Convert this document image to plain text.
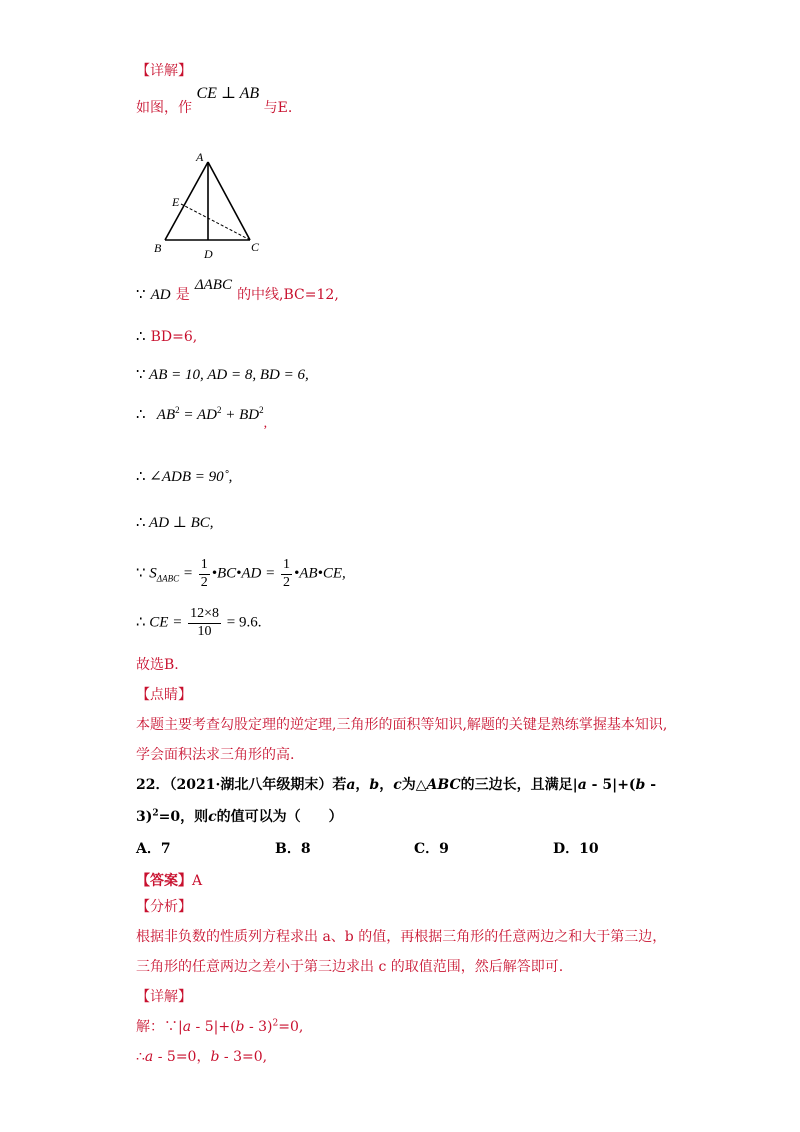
【详解】
如图，作 CE ⊥ AB 与E.
A
E
B	D	C
∵ AD 是 ΔABC 的中线,BC=12,
∴ BD=6,
∵ AB = 10, AD = 8, BD = 6,
∴ $AB^2 = AD^2 + BD^2$,
∴ ∠ADB = 90˚,
∴ AD ⊥ BC,
∵ $S_{\Delta ABC} = \frac{1}{2}$ •BC•AD = $\frac{1}{2}$ •AB•CE,
∴ CE = $\frac{12\times 8}{10} = 9.6$.
故选B.
【点睛】
本题主要考查勾股定理的逆定理,三角形的面积等知识,解题的关键是熟练掌握基本知识,
学会面积法求三角形的高.
22．（2021·湖北八年级期末）若a，b，c为△ABC的三边长，且满足|a - 5|+(b -
3)$^2$=0，则c的值可以为（　　）
A．7	B．8	C．9	D．10
【答案】A
【分析】
根据非负数的性质列方程求出 a、b 的值，再根据三角形的任意两边之和大于第三边，
三角形的任意两边之差小于第三边求出 c 的取值范围，然后解答即可.
【详解】
解：∵|a - 5|+(b - 3)$^2$=0,
∴a - 5=0，b - 3=0,
